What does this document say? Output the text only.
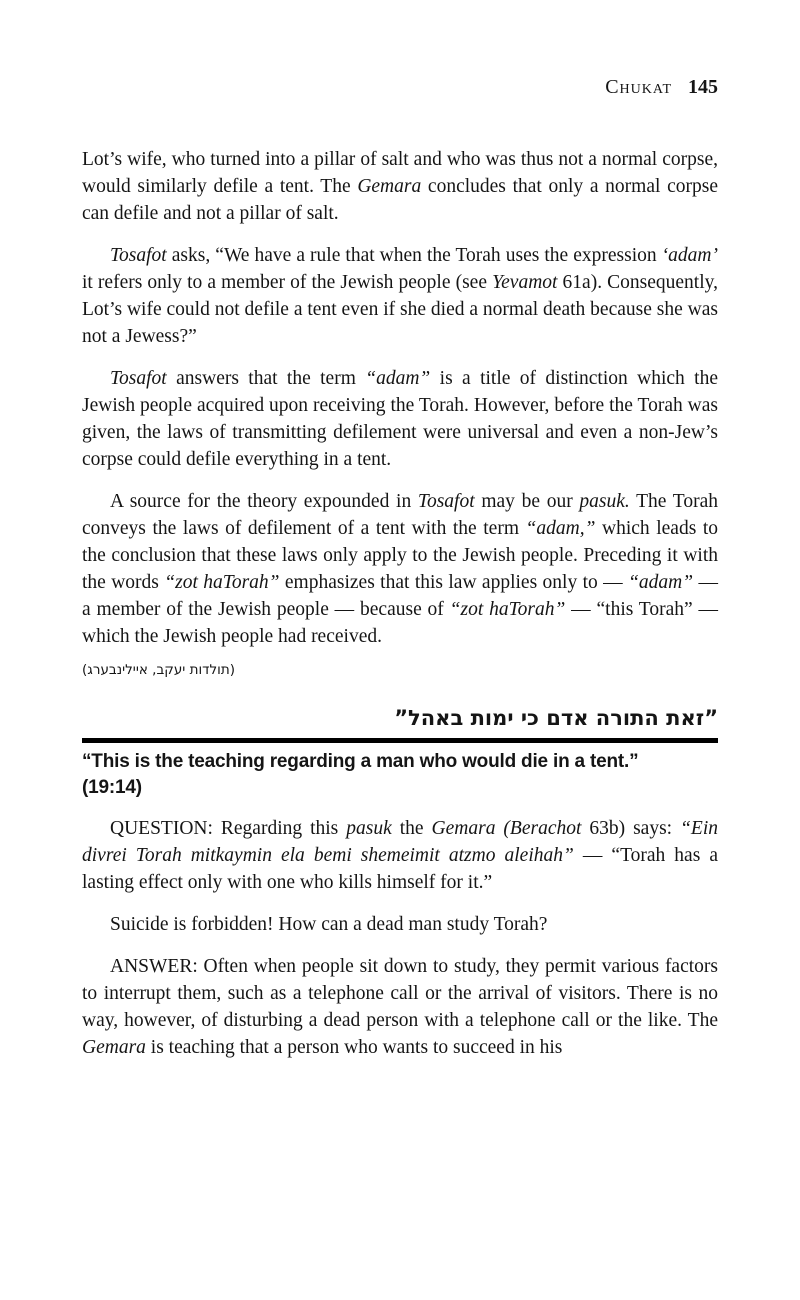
Chukat 145

Lot’s wife, who turned into a pillar of salt and who was thus not a normal corpse, would similarly defile a tent. The Gemara concludes that only a normal corpse can defile and not a pillar of salt.

Tosafot asks, “We have a rule that when the Torah uses the expression ‘adam’ it refers only to a member of the Jewish people (see Yevamot 61a). Consequently, Lot’s wife could not defile a tent even if she died a normal death because she was not a Jewess?”

Tosafot answers that the term “adam” is a title of distinction which the Jewish people acquired upon receiving the Torah. However, before the Torah was given, the laws of transmitting defilement were universal and even a non-Jew’s corpse could defile everything in a tent.

A source for the theory expounded in Tosafot may be our pasuk. The Torah conveys the laws of defilement of a tent with the term “adam,” which leads to the conclusion that these laws only apply to the Jewish people. Preceding it with the words “zot haTorah” emphasizes that this law applies only to — “adam” — a member of the Jewish people — because of “zot haTorah” — “this Torah” — which the Jewish people had received.

(תולדות יעקב, איילינבערג)
”זאת התורה אדם כי ימות באהל”
“This is the teaching regarding a man who would die in a tent.”
(19:14)

QUESTION: Regarding this pasuk the Gemara (Berachot 63b) says: “Ein divrei Torah mitkaymin ela bemi shemeimit atzmo aleihah” — “Torah has a lasting effect only with one who kills himself for it.”

Suicide is forbidden! How can a dead man study Torah?

ANSWER: Often when people sit down to study, they permit various factors to interrupt them, such as a telephone call or the arrival of visitors. There is no way, however, of disturbing a dead person with a telephone call or the like. The Gemara is teaching that a person who wants to succeed in his
